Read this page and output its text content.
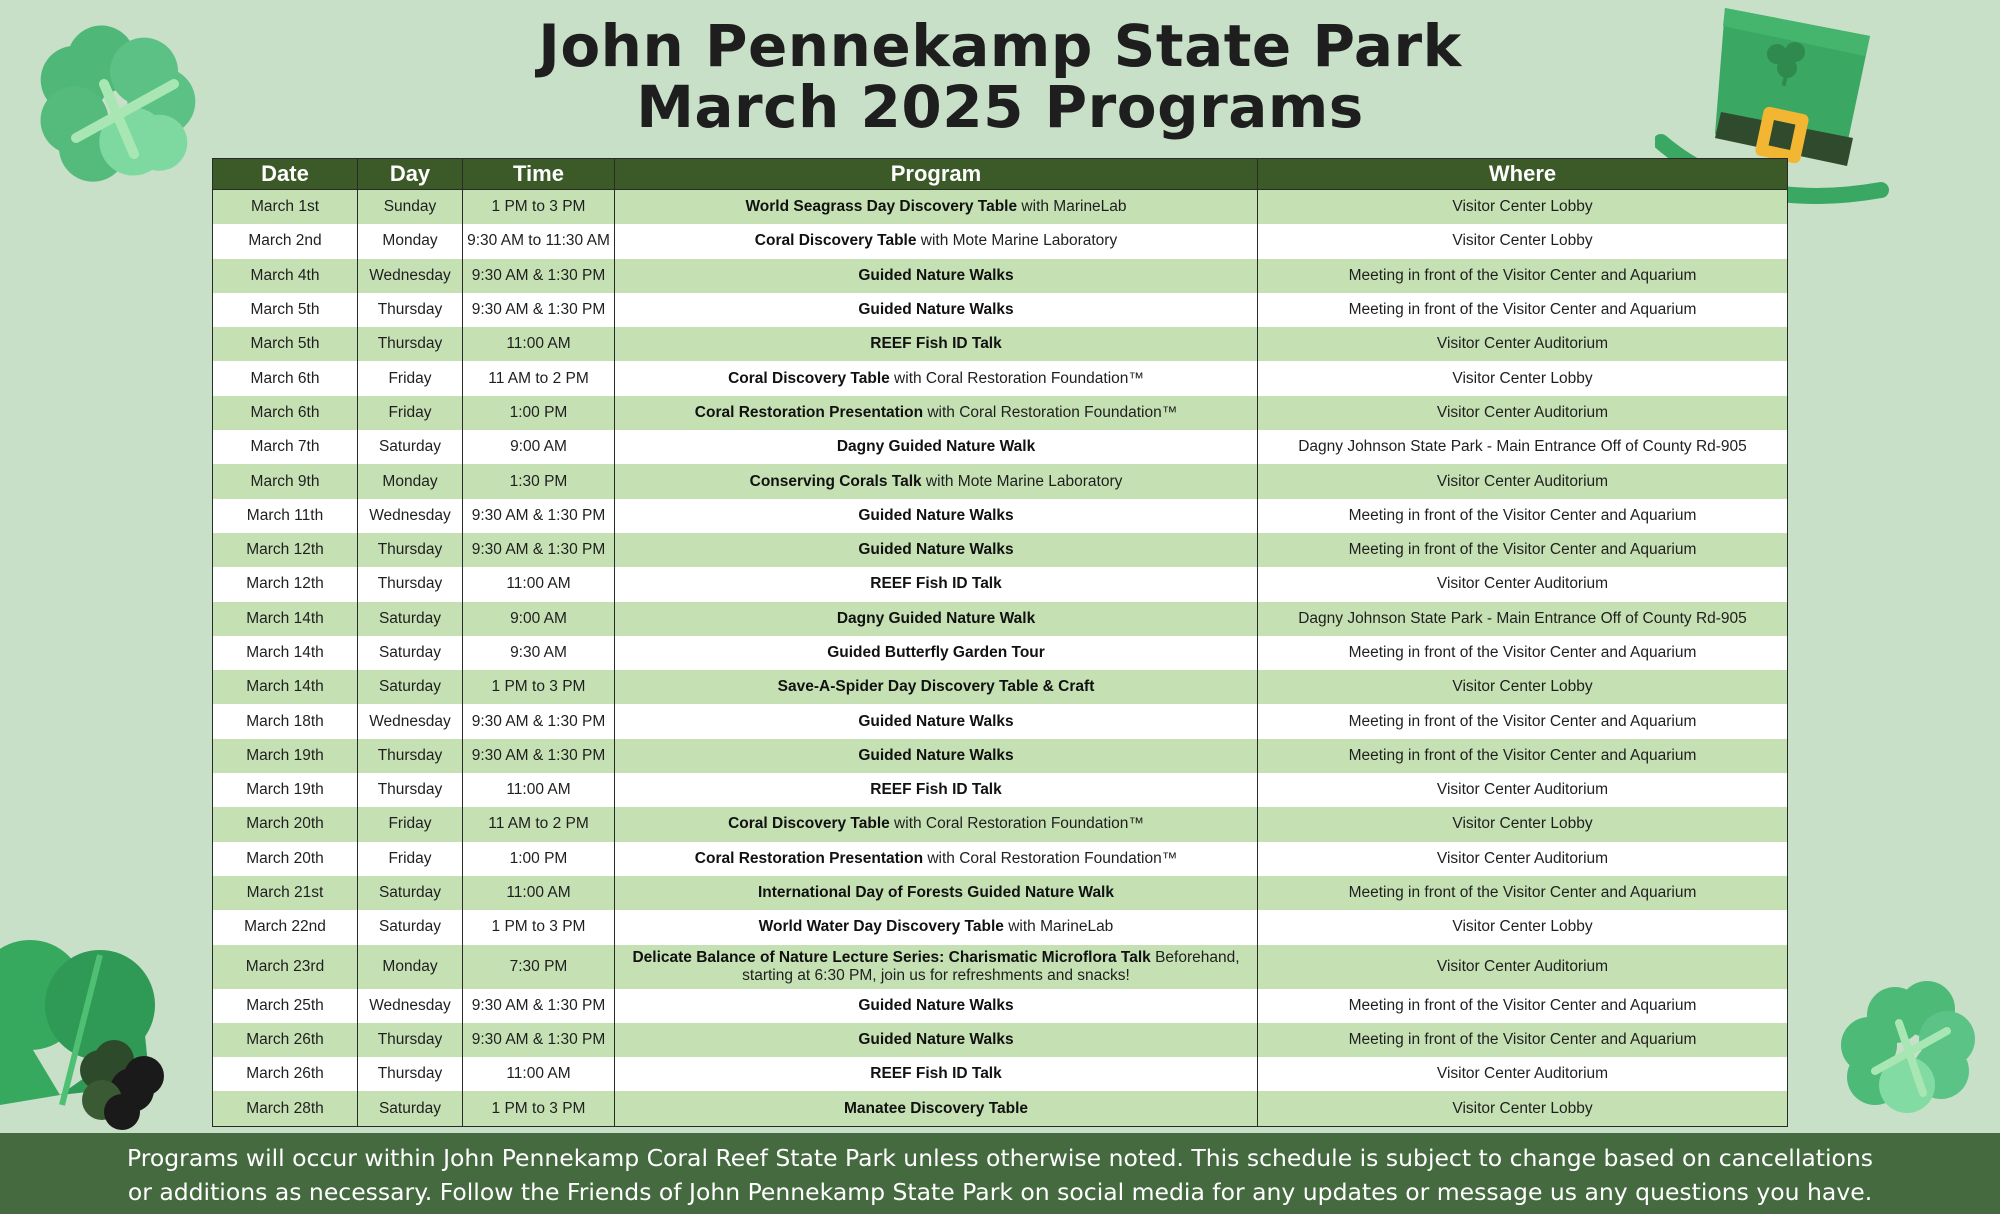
John Pennekamp State Park
March 2025 Programs
Date	Day	Time	Program	Where
March 1st	Sunday	1 PM to 3 PM	World Seagrass Day Discovery Table with MarineLab	Visitor Center Lobby
March 2nd	Monday	9:30 AM to 11:30 AM	Coral Discovery Table with Mote Marine Laboratory	Visitor Center Lobby
March 4th	Wednesday	9:30 AM & 1:30 PM	Guided Nature Walks	Meeting in front of the Visitor Center and Aquarium
March 5th	Thursday	9:30 AM & 1:30 PM	Guided Nature Walks	Meeting in front of the Visitor Center and Aquarium
March 5th	Thursday	11:00 AM	REEF Fish ID Talk	Visitor Center Auditorium
March 6th	Friday	11 AM to 2 PM	Coral Discovery Table with Coral Restoration Foundation™	Visitor Center Lobby
March 6th	Friday	1:00 PM	Coral Restoration Presentation with Coral Restoration Foundation™	Visitor Center Auditorium
March 7th	Saturday	9:00 AM	Dagny Guided Nature Walk	Dagny Johnson State Park - Main Entrance Off of County Rd-905
March 9th	Monday	1:30 PM	Conserving Corals Talk with Mote Marine Laboratory	Visitor Center Auditorium
March 11th	Wednesday	9:30 AM & 1:30 PM	Guided Nature Walks	Meeting in front of the Visitor Center and Aquarium
March 12th	Thursday	9:30 AM & 1:30 PM	Guided Nature Walks	Meeting in front of the Visitor Center and Aquarium
March 12th	Thursday	11:00 AM	REEF Fish ID Talk	Visitor Center Auditorium
March 14th	Saturday	9:00 AM	Dagny Guided Nature Walk	Dagny Johnson State Park - Main Entrance Off of County Rd-905
March 14th	Saturday	9:30 AM	Guided Butterfly Garden Tour	Meeting in front of the Visitor Center and Aquarium
March 14th	Saturday	1 PM to 3 PM	Save-A-Spider Day Discovery Table & Craft	Visitor Center Lobby
March 18th	Wednesday	9:30 AM & 1:30 PM	Guided Nature Walks	Meeting in front of the Visitor Center and Aquarium
March 19th	Thursday	9:30 AM & 1:30 PM	Guided Nature Walks	Meeting in front of the Visitor Center and Aquarium
March 19th	Thursday	11:00 AM	REEF Fish ID Talk	Visitor Center Auditorium
March 20th	Friday	11 AM to 2 PM	Coral Discovery Table with Coral Restoration Foundation™	Visitor Center Lobby
March 20th	Friday	1:00 PM	Coral Restoration Presentation with Coral Restoration Foundation™	Visitor Center Auditorium
March 21st	Saturday	11:00 AM	International Day of Forests Guided Nature Walk	Meeting in front of the Visitor Center and Aquarium
March 22nd	Saturday	1 PM to 3 PM	World Water Day Discovery Table with MarineLab	Visitor Center Lobby
March 23rd	Monday	7:30 PM	Delicate Balance of Nature Lecture Series: Charismatic Microflora Talk Beforehand, starting at 6:30 PM, join us for refreshments and snacks!	Visitor Center Auditorium
March 25th	Wednesday	9:30 AM & 1:30 PM	Guided Nature Walks	Meeting in front of the Visitor Center and Aquarium
March 26th	Thursday	9:30 AM & 1:30 PM	Guided Nature Walks	Meeting in front of the Visitor Center and Aquarium
March 26th	Thursday	11:00 AM	REEF Fish ID Talk	Visitor Center Auditorium
March 28th	Saturday	1 PM to 3 PM	Manatee Discovery Table	Visitor Center Lobby
Programs will occur within John Pennekamp Coral Reef State Park unless otherwise noted. This schedule is subject to change based on cancellations
or additions as necessary. Follow the Friends of John Pennekamp State Park on social media for any updates or message us any questions you have.
